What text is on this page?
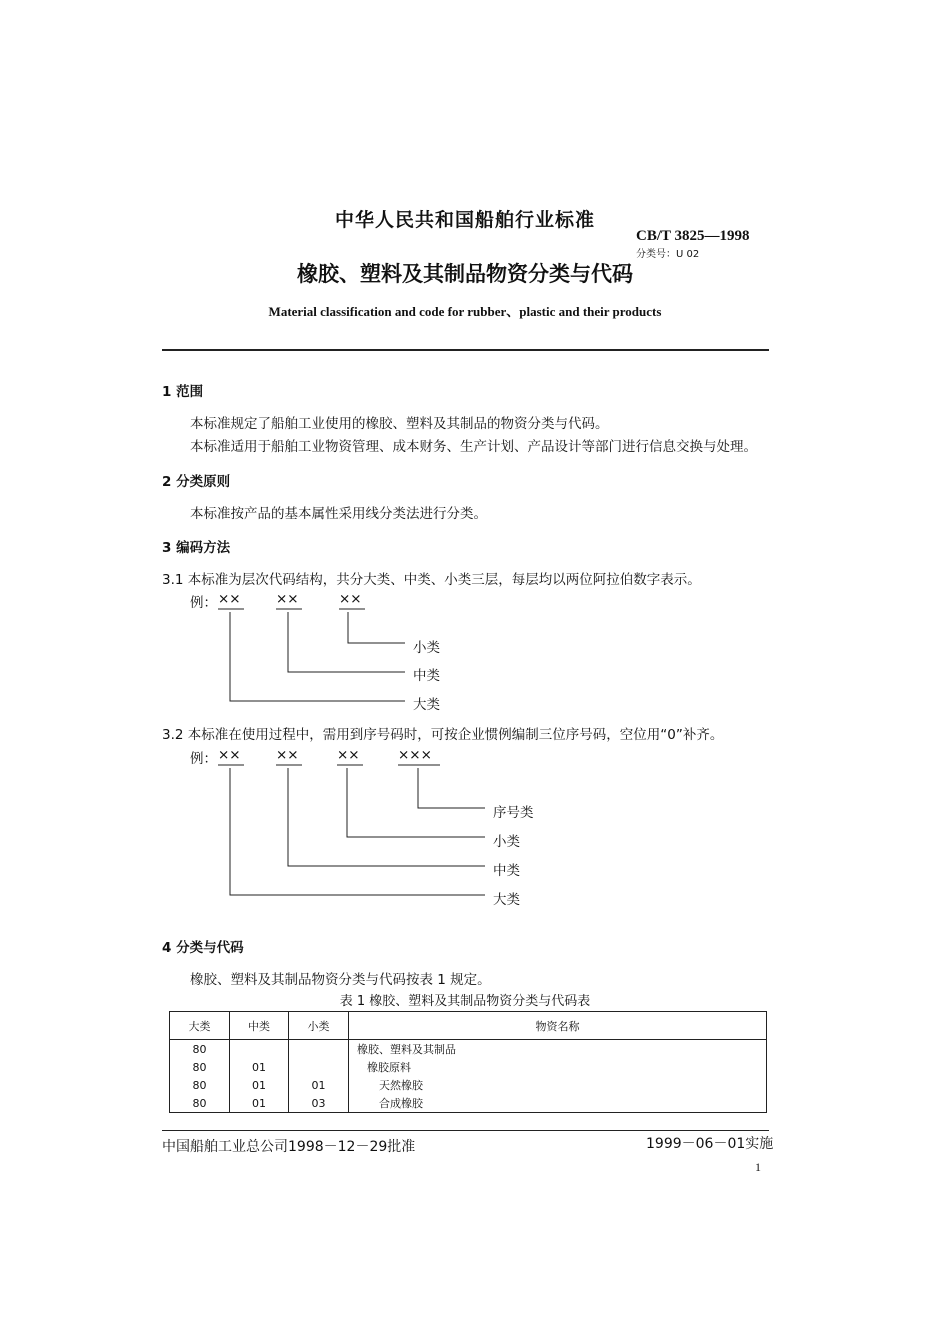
中华人民共和国船舶行业标准
CB/T 3825—1998
分类号：U 02
橡胶、塑料及其制品物资分类与代码
Material classification and code for rubber、plastic and their products
1 范围
本标准规定了船舶工业使用的橡胶、塑料及其制品的物资分类与代码。
本标准适用于船舶工业物资管理、成本财务、生产计划、产品设计等部门进行信息交换与处理。
2 分类原则
本标准按产品的基本属性采用线分类法进行分类。
3 编码方法
3.1 本标准为层次代码结构，共分大类、中类、小类三层，每层均以两位阿拉伯数字表示。
例： ××	××	××
小类
中类
大类
3.2 本标准在使用过程中，需用到序号码时，可按企业惯例编制三位序号码，空位用“0”补齐。
例： ××	××	××	×××
序号类
小类
中类
大类
4 分类与代码
橡胶、塑料及其制品物资分类与代码按表 1 规定。
表 1 橡胶、塑料及其制品物资分类与代码表
大类	中类	小类	物资名称
80			橡胶、塑料及其制品
80	01		橡胶原料
80	01	01	天然橡胶
80	01	03	合成橡胶
中国船舶工业总公司1998－12－29批准	1999－06－01实施
1
